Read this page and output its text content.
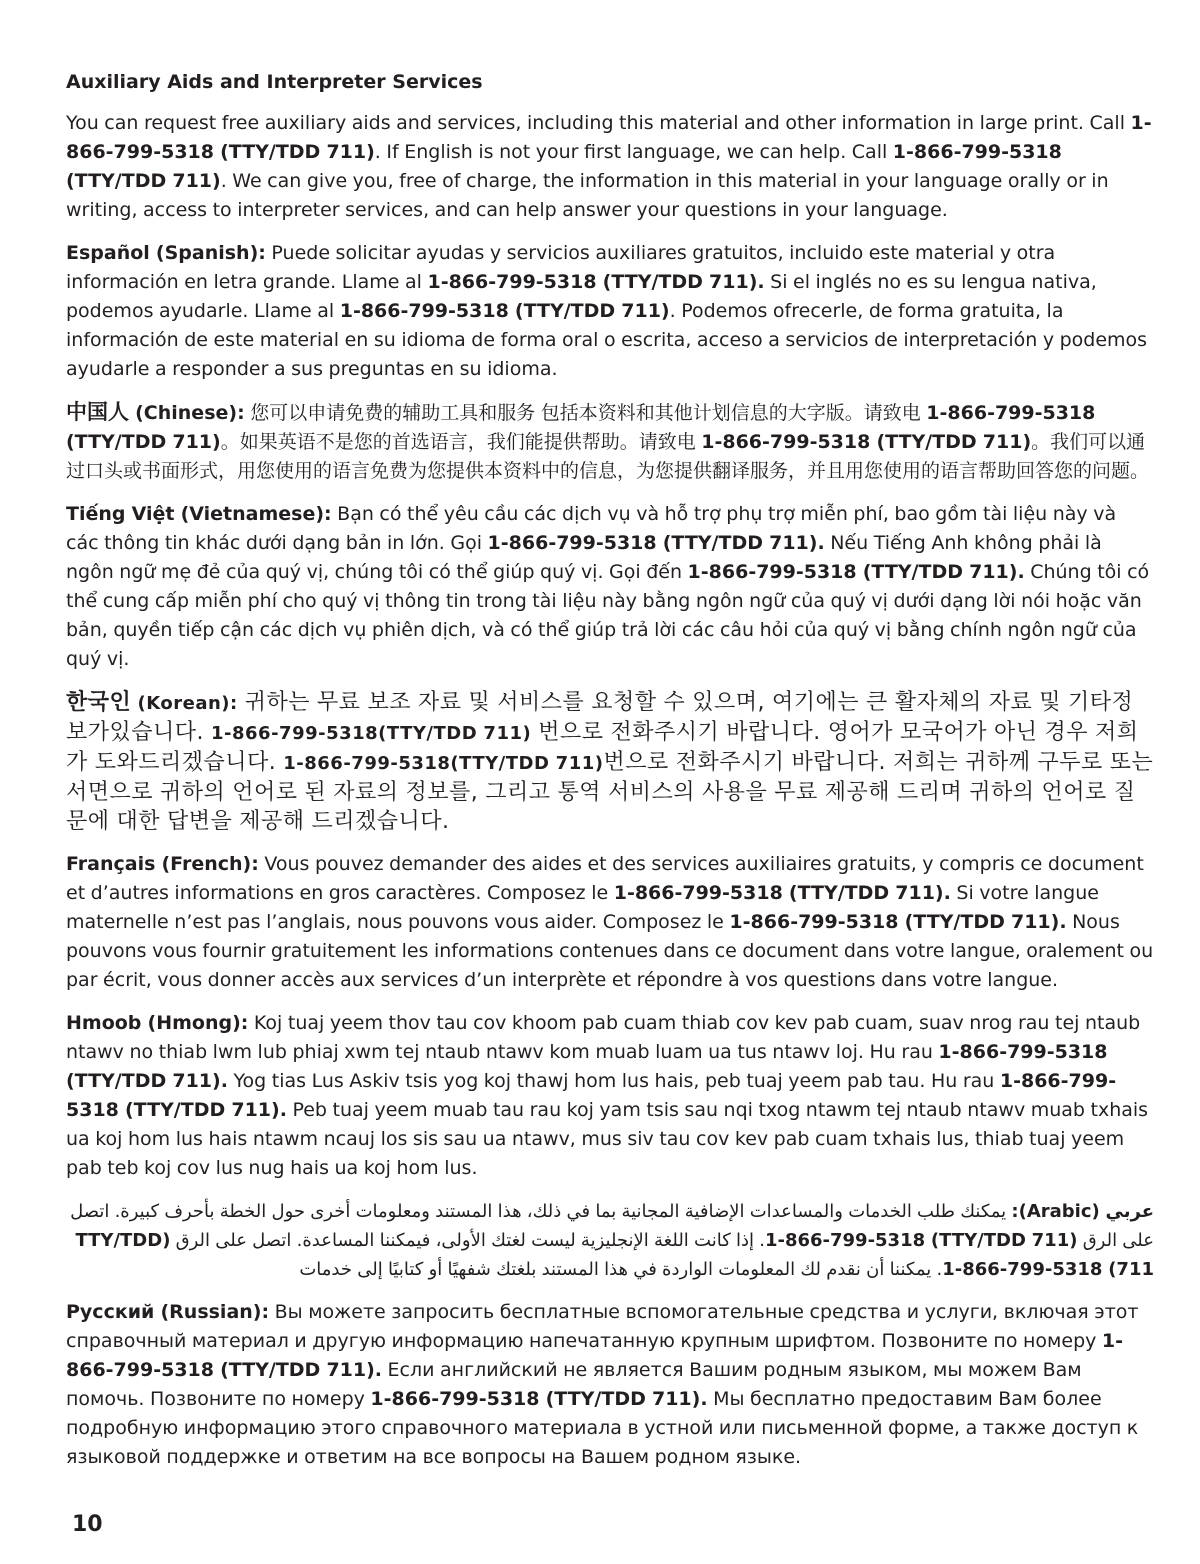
Auxiliary Aids and Interpreter Services

You can request free auxiliary aids and services, including this material and other information in large print. Call 1-866-799-5318 (TTY/TDD 711). If English is not your first language, we can help. Call 1-866-799-5318 (TTY/TDD 711). We can give you, free of charge, the information in this material in your language orally or in writing, access to interpreter services, and can help answer your questions in your language.

Español (Spanish): Puede solicitar ayudas y servicios auxiliares gratuitos, incluido este material y otra información en letra grande. Llame al 1-866-799-5318 (TTY/TDD 711). Si el inglés no es su lengua nativa, podemos ayudarle. Llame al 1-866-799-5318 (TTY/TDD 711). Podemos ofrecerle, de forma gratuita, la información de este material en su idioma de forma oral o escrita, acceso a servicios de interpretación y podemos ayudarle a responder a sus preguntas en su idioma.

中国人 (Chinese): 您可以申请免费的辅助工具和服务 包括本资料和其他计划信息的大字版。请致电 1-866-799-5318 (TTY/TDD 711)。如果英语不是您的首选语言，我们能提供帮助。请致电 1-866-799-5318 (TTY/TDD 711)。我们可以通过口头或书面形式，用您使用的语言免费为您提供本资料中的信息，为您提供翻译服务，并且用您使用的语言帮助回答您的问题。

Tiếng Việt (Vietnamese): Bạn có thể yêu cầu các dịch vụ và hỗ trợ phụ trợ miễn phí, bao gồm tài liệu này và các thông tin khác dưới dạng bản in lớn. Gọi 1-866-799-5318 (TTY/TDD 711). Nếu Tiếng Anh không phải là ngôn ngữ mẹ đẻ của quý vị, chúng tôi có thể giúp quý vị. Gọi đến 1-866-799-5318 (TTY/TDD 711). Chúng tôi có thể cung cấp miễn phí cho quý vị thông tin trong tài liệu này bằng ngôn ngữ của quý vị dưới dạng lời nói hoặc văn bản, quyền tiếp cận các dịch vụ phiên dịch, và có thể giúp trả lời các câu hỏi của quý vị bằng chính ngôn ngữ của quý vị.

한국인 (Korean): 귀하는 무료 보조 자료 및 서비스를 요청할 수 있으며, 여기에는 큰 활자체의 자료 및 기타정보가있습니다. 1-866-799-5318(TTY/TDD 711) 번으로 전화주시기 바랍니다. 영어가 모국어가 아닌 경우 저희가 도와드리겠습니다. 1-866-799-5318(TTY/TDD 711)번으로 전화주시기 바랍니다. 저희는 귀하께 구두로 또는 서면으로 귀하의 언어로 된 자료의 정보를, 그리고 통역 서비스의 사용을 무료 제공해 드리며 귀하의 언어로 질문에 대한 답변을 제공해 드리겠습니다.

Français (French): Vous pouvez demander des aides et des services auxiliaires gratuits, y compris ce document et d’autres informations en gros caractères. Composez le 1-866-799-5318 (TTY/TDD 711). Si votre langue maternelle n’est pas l’anglais, nous pouvons vous aider. Composez le 1-866-799-5318 (TTY/TDD 711). Nous pouvons vous fournir gratuitement les informations contenues dans ce document dans votre langue, oralement ou par écrit, vous donner accès aux services d’un interprète et répondre à vos questions dans votre langue.

Hmoob (Hmong): Koj tuaj yeem thov tau cov khoom pab cuam thiab cov kev pab cuam, suav nrog rau tej ntaub ntawv no thiab lwm lub phiaj xwm tej ntaub ntawv kom muab luam ua tus ntawv loj. Hu rau 1-866-799-5318 (TTY/TDD 711). Yog tias Lus Askiv tsis yog koj thawj hom lus hais, peb tuaj yeem pab tau. Hu rau 1-866-799-5318 (TTY/TDD 711). Peb tuaj yeem muab tau rau koj yam tsis sau nqi txog ntawm tej ntaub ntawv muab txhais ua koj hom lus hais ntawm ncauj los sis sau ua ntawv, mus siv tau cov kev pab cuam txhais lus, thiab tuaj yeem pab teb koj cov lus nug hais ua koj hom lus.

عربي (Arabic): يمكنك طلب الخدمات والمساعدات الإضافية المجانية بما في ذلك، هذا المستند ومعلومات أخرى حول الخطة بأحرف كبيرة. اتصل على الرق (TTY/TDD 711) 1-866-799-5318. إذا كانت اللغة الإنجليزية ليست لغتك الأولى، فيمكننا المساعدة. اتصل على الرق (TTY/TDD 711) 1-866-799-5318. يمكننا أن نقدم لك المعلومات الواردة في هذا المستند بلغتك شفهيًا أو كتابيًا إلى خدمات

Русский (Russian): Вы можете запросить бесплатные вспомогательные средства и услуги, включая этот справочный материал и другую информацию напечатанную крупным шрифтом. Позвоните по номеру 1-866-799-5318 (TTY/TDD 711). Если английский не является Вашим родным языком, мы можем Вам помочь. Позвоните по номеру 1-866-799-5318 (TTY/TDD 711). Мы бесплатно предоставим Вам более подробную информацию этого справочного материала в устной или письменной форме, а также доступ к языковой поддержке и ответим на все вопросы на Вашем родном языке.

10
